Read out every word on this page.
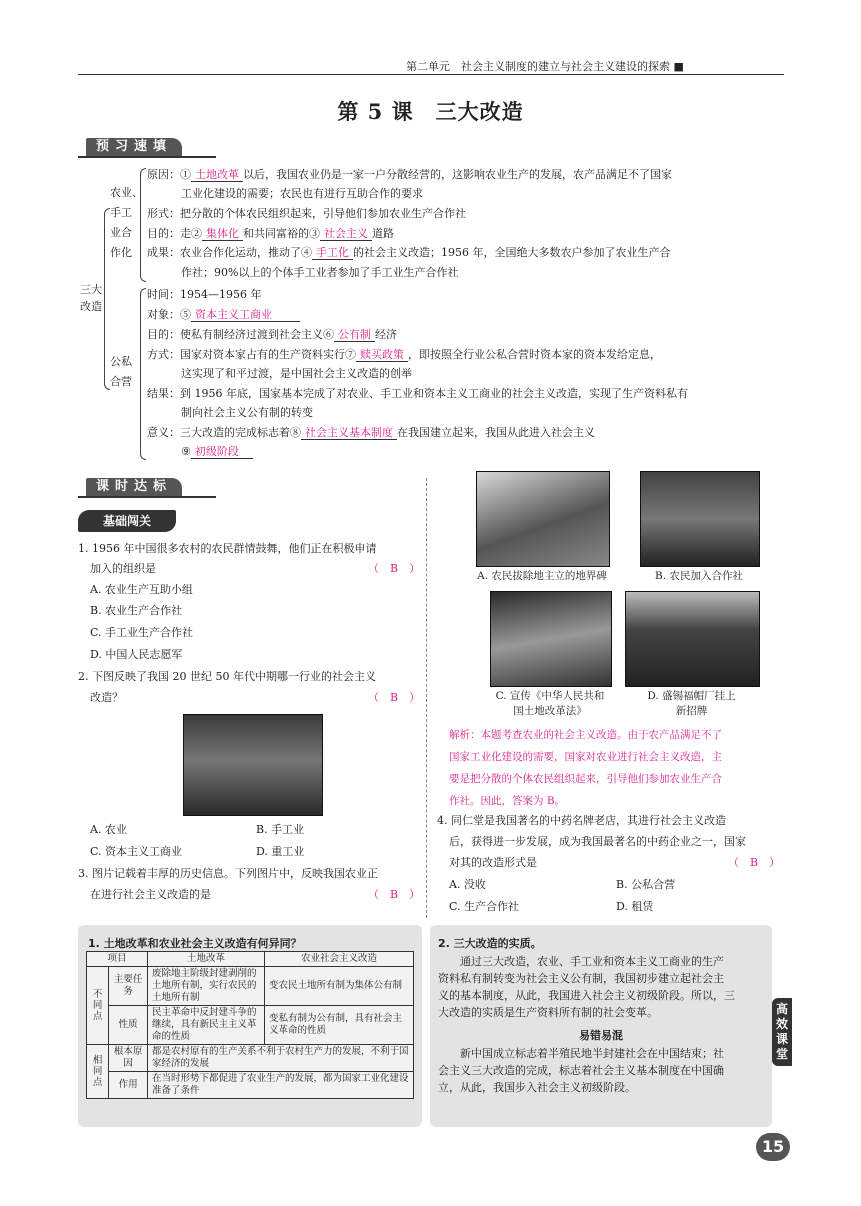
第二单元　 社会主义制度的建立与社会主义建设的探索 ■
第 5 课　三大改造
预习速填
三大
改造
农业、
手工
业合
作化
公私
合营
原因：① 土地改革 以后，我国农业仍是一家一户分散经营的，这影响农业生产的发展，农产品满足不了国家
工业化建设的需要；农民也有进行互助合作的要求
形式：把分散的个体农民组织起来，引导他们参加农业生产合作社
目的：走② 集体化 和共同富裕的③ 社会主义 道路
成果：农业合作化运动，推动了④ 手工化 的社会主义改造；1956 年，全国绝大多数农户参加了农业生产合
作社；90%以上的个体手工业者参加了手工业生产合作社
时间：1954—1956 年
对象：⑤ 资本主义工商业
目的：使私有制经济过渡到社会主义⑥ 公有制 经济
方式：国家对资本家占有的生产资料实行⑦ 赎买政策 ，即按照全行业公私合营时资本家的资本发给定息，
这实现了和平过渡，是中国社会主义改造的创举
结果：到 1956 年底，国家基本完成了对农业、手工业和资本主义工商业的社会主义改造，实现了生产资料私有
制向社会主义公有制的转变
意义：三大改造的完成标志着⑧ 社会主义基本制度 在我国建立起来，我国从此进入社会主义
⑨ 初级阶段
课时达标
基础闯关
1. 1956 年中国很多农村的农民群情鼓舞，他们正在积极申请
加入的组织是	（　B　）
A. 农业生产互助小组
B. 农业生产合作社
C. 手工业生产合作社
D. 中国人民志愿军
2. 下图反映了我国 20 世纪 50 年代中期哪一行业的社会主义
改造？	（　B　）
A. 农业	B. 手工业
C. 资本主义工商业	D. 重工业
3. 图片记载着丰厚的历史信息。下列图片中，反映我国农业正
在进行社会主义改造的是	（　B　）
A. 农民拔除地主立的地界碑	B. 农民加入合作社
C. 宣传《中华人民共和
国土地改革法》
D. 盛锡福帽厂挂上
新招牌
解析：本题考查农业的社会主义改造。由于农产品满足不了
国家工业化建设的需要，国家对农业进行社会主义改造，主
要是把分散的个体农民组织起来，引导他们参加农业生产合
作社。因此，答案为 B。
4. 同仁堂是我国著名的中药名牌老店，其进行社会主义改造
后，获得进一步发展，成为我国最著名的中药企业之一，国家
对其的改造形式是	（　B　）
A. 没收	B. 公私合营
C. 生产合作社	D. 租赁
1. 土地改革和农业社会主义改造有何异同？
项目		土地改革	农业社会主义改造
不同点	主要任务	废除地主阶级封建剥削的土地所有制，实行农民的土地所有制	变农民土地所有制为集体公有制
	性质	民主革命中反封建斗争的继续，具有新民主主义革命的性质	变私有制为公有制，具有社会主义革命的性质
相同点	根本原因	都是农村原有的生产关系不利于农村生产力的发展，不利于国家经济的发展	
	作用	在当时形势下都促进了农业生产的发展，都为国家工业化建设准备了条件	
2. 三大改造的实质。
通过三大改造，农业、手工业和资本主义工商业的生产
资料私有制转变为社会主义公有制，我国初步建立起社会主
义的基本制度，从此，我国进入社会主义初级阶段。所以，三
大改造的实质是生产资料所有制的社会变革。
易错易混
新中国成立标志着半殖民地半封建社会在中国结束；社
会主义三大改造的完成，标志着社会主义基本制度在中国确
立，从此，我国步入社会主义初级阶段。
高
效
课
堂
15
